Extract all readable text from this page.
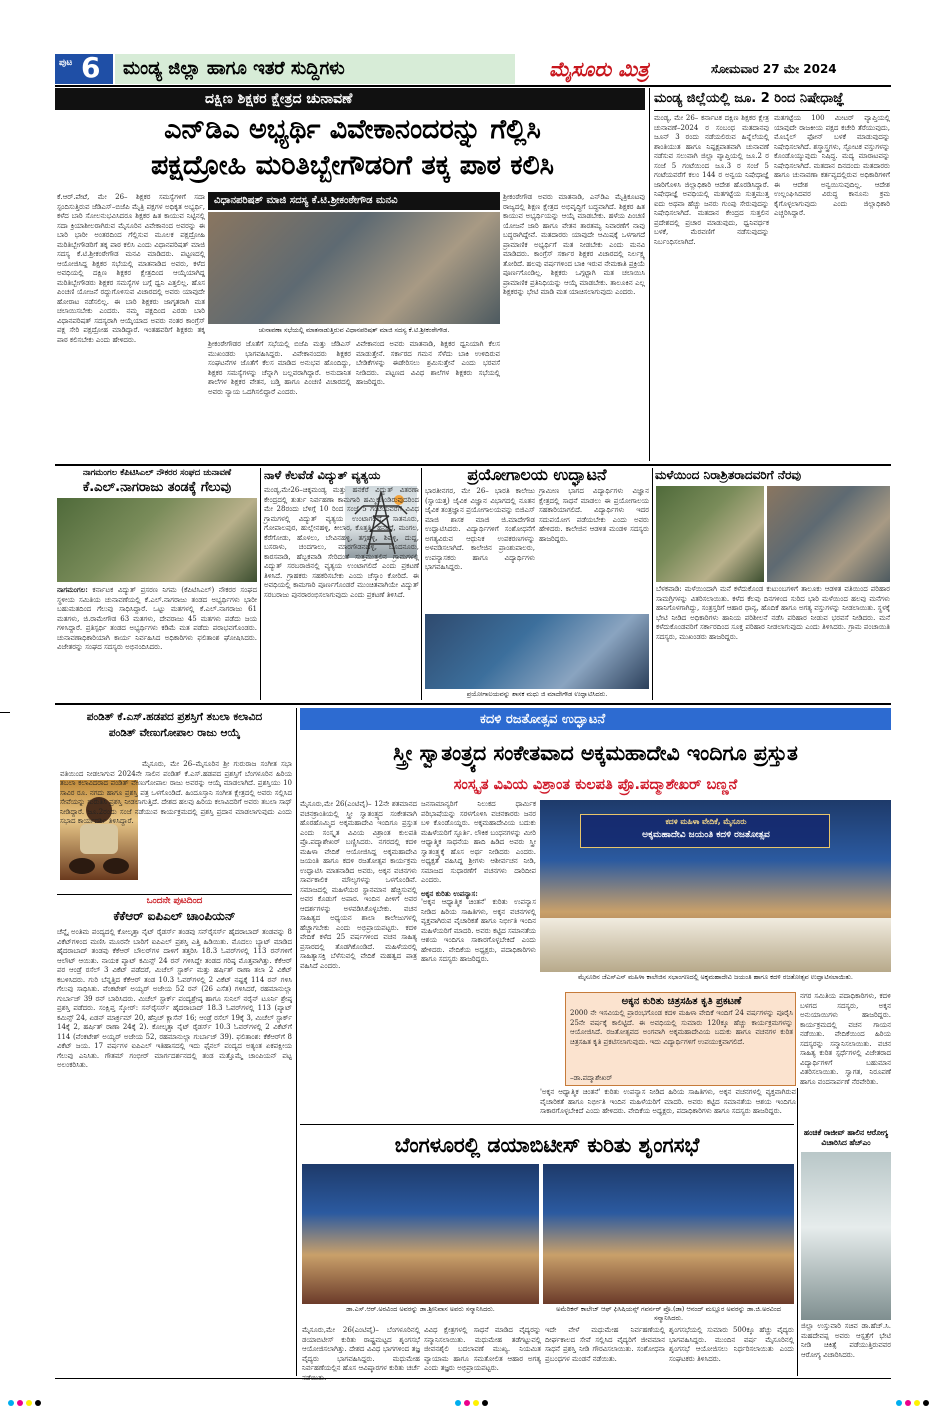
ಪುಟ 6 ಮಂಡ್ಯ ಜಿಲ್ಲಾ ಹಾಗೂ ಇತರೆ ಸುದ್ದಿಗಳು	ಮೈಸೂರು ಮಿತ್ರ	ಸೋಮವಾರ 27 ಮೇ 2024
ದಕ್ಷಿಣ ಶಿಕ್ಷಕರ ಕ್ಷೇತ್ರದ ಚುನಾವಣೆ
ಎನ್‌ಡಿಎ ಅಭ್ಯರ್ಥಿ ವಿವೇಕಾನಂದರನ್ನು ಗೆಲ್ಲಿಸಿ
ಪಕ್ಷದ್ರೋಹಿ ಮರಿತಿಬ್ಬೇಗೌಡರಿಗೆ ತಕ್ಕ ಪಾಠ ಕಲಿಸಿ
ಕೆ.ಆರ್.ಪೇಟೆ, ಮೇ 26– ಶಿಕ್ಷಕರ ಸಮಸ್ಯೆಗಳಿಗೆ ಸದಾ ಸ್ಪಂದಿಸುತ್ತಿರುವ ಜೆಡಿಎಸ್–ಬಿಜೆಪಿ ಮೈತ್ರಿ ಪಕ್ಷಗಳ ಅಧಿಕೃತ ಅಭ್ಯರ್ಥಿ, ಕಳೆದ ಬಾರಿ ಸೋಲನುಭವಿಸಿದರೂ ಶಿಕ್ಷಕರ ಹಿತ ಕಾಯುವ ನಿಟ್ಟಿನಲ್ಲಿ ಸದಾ ಕ್ರಿಯಾಶೀಲರಾಗಿರುವ ಮೈಸೂರಿನ ವಿವೇಕಾನಂದ ಅವರನ್ನು ಈ ಬಾರಿ ಭಾರೀ ಅಂತರದಿಂದ ಗೆಲ್ಲಿಸುವ ಮೂಲಕ ಪಕ್ಷದ್ರೋಹಿ ಮರಿತಿಬ್ಬೇಗೌಡರಿಗೆ ತಕ್ಕ ಪಾಠ ಕಲಿಸಿ ಎಂದು ವಿಧಾನಪರಿಷತ್ ಮಾಜಿ ಸದಸ್ಯ ಕೆ.ಟಿ.ಶ್ರೀಕಂಠೇಗೌಡ ಮನವಿ ಮಾಡಿದರು. ಪಟ್ಟಣದಲ್ಲಿ ಆಯೋಜಿಸಿದ್ದ ಶಿಕ್ಷಕರ ಸಭೆಯಲ್ಲಿ ಮಾತನಾಡಿದ ಅವರು, ಕಳೆದ ಅವಧಿಯಲ್ಲಿ ದಕ್ಷಿಣ ಶಿಕ್ಷಕರ ಕ್ಷೇತ್ರದಿಂದ ಆಯ್ಕೆಯಾಗಿದ್ದ ಮರಿತಿಬ್ಬೇಗೌಡರು ಶಿಕ್ಷಕರ ಸಮಸ್ಯೆಗಳ ಬಗ್ಗೆ ಧ್ವನಿ ಎತ್ತಲಿಲ್ಲ. ಹೊಸ ಪಿಂಚಣಿ ಯೋಜನೆ ರದ್ದುಗೊಳಿಸುವ ವಿಚಾರದಲ್ಲಿ ಅವರು ಯಾವುದೇ ಹೋರಾಟ ನಡೆಸಲಿಲ್ಲ. ಈ ಬಾರಿ ಶಿಕ್ಷಕರು ಜಾಗೃತರಾಗಿ ಮತ ಚಲಾಯಿಸಬೇಕು ಎಂದರು. ನಮ್ಮ ಪಕ್ಷದಿಂದ ಎರಡು ಬಾರಿ ವಿಧಾನಪರಿಷತ್ ಸದಸ್ಯರಾಗಿ ಆಯ್ಕೆಯಾದ ಅವರು ನಂತರ ಕಾಂಗ್ರೆಸ್ ಪಕ್ಷ ಸೇರಿ ಪಕ್ಷದ್ರೋಹ ಮಾಡಿದ್ದಾರೆ. ಇಂತಹವರಿಗೆ ಶಿಕ್ಷಕರು ತಕ್ಕ ಪಾಠ ಕಲಿಸಬೇಕು ಎಂದು ಹೇಳಿದರು.
ವಿಧಾನಪರಿಷತ್ ಮಾಜಿ ಸದಸ್ಯ ಕೆ.ಟಿ.ಶ್ರೀಕಂಠೇಗೌಡ ಮನವಿ
ಚುನಾವಣಾ ಸಭೆಯಲ್ಲಿ ಮಾತನಾಡುತ್ತಿರುವ ವಿಧಾನಪರಿಷತ್ ಮಾಜಿ ಸದಸ್ಯ ಕೆ.ಟಿ.ಶ್ರೀಕಂಠೇಗೌಡ.
ಶ್ರೀಕಂಠೇಗೌಡರ ಜೊತೆಗೆ ಸಭೆಯಲ್ಲಿ ಬಿಜೆಪಿ ಮತ್ತು ಜೆಡಿಎಸ್ ಮುಖಂಡರು ಭಾಗವಹಿಸಿದ್ದರು. ವಿವೇಕಾನಂದರು ಶಿಕ್ಷಕರ ಸಂಘಟನೆಗಳ ಜೊತೆಗೆ ಕೆಲಸ ಮಾಡಿದ ಅನುಭವ ಹೊಂದಿದ್ದು, ಶಿಕ್ಷಕರ ಸಮಸ್ಯೆಗಳನ್ನು ಚೆನ್ನಾಗಿ ಬಲ್ಲವರಾಗಿದ್ದಾರೆ. ಅನುದಾನಿತ ಶಾಲೆಗಳ ಶಿಕ್ಷಕರ ವೇತನ, ಬಡ್ತಿ ಹಾಗೂ ಪಿಂಚಣಿ ವಿಚಾರದಲ್ಲಿ ಅವರು ನ್ಯಾಯ ಒದಗಿಸಲಿದ್ದಾರೆ ಎಂದರು.
ವಿವೇಕಾನಂದ ಅವರು ಮಾತನಾಡಿ, ಶಿಕ್ಷಕರ ಧ್ವನಿಯಾಗಿ ಕೆಲಸ ಮಾಡುತ್ತೇನೆ. ಸರ್ಕಾರದ ಗಮನ ಸೆಳೆದು ಬಾಕಿ ಉಳಿದಿರುವ ಬೇಡಿಕೆಗಳನ್ನು ಈಡೇರಿಸಲು ಶ್ರಮಿಸುತ್ತೇನೆ ಎಂದು ಭರವಸೆ ನೀಡಿದರು. ಪಟ್ಟಣದ ವಿವಿಧ ಶಾಲೆಗಳ ಶಿಕ್ಷಕರು ಸಭೆಯಲ್ಲಿ ಹಾಜರಿದ್ದರು.
ಶ್ರೀಕಂಠೇಗೌಡ ಅವರು ಮಾತನಾಡಿ, ಎನ್‌ಡಿಎ ಮೈತ್ರಿಕೂಟವು ರಾಜ್ಯದಲ್ಲಿ ಶಿಕ್ಷಣ ಕ್ಷೇತ್ರದ ಅಭಿವೃದ್ಧಿಗೆ ಬದ್ಧವಾಗಿದೆ. ಶಿಕ್ಷಕರ ಹಿತ ಕಾಯುವ ಅಭ್ಯರ್ಥಿಯನ್ನು ಆಯ್ಕೆ ಮಾಡಬೇಕು. ಹಳೆಯ ಪಿಂಚಣಿ ಯೋಜನೆ ಜಾರಿ ಹಾಗೂ ವೇತನ ತಾರತಮ್ಯ ನಿವಾರಣೆಗೆ ನಾವು ಬದ್ಧರಾಗಿದ್ದೇವೆ. ಮತದಾರರು ಯಾವುದೇ ಆಮಿಷಕ್ಕೆ ಒಳಗಾಗದೆ ಪ್ರಾಮಾಣಿಕ ಅಭ್ಯರ್ಥಿಗೆ ಮತ ನೀಡಬೇಕು ಎಂದು ಮನವಿ ಮಾಡಿದರು. ಕಾಂಗ್ರೆಸ್ ಸರ್ಕಾರ ಶಿಕ್ಷಕರ ವಿಚಾರದಲ್ಲಿ ನಿರ್ಲಕ್ಷ್ಯ ತೋರಿದೆ. ಹಲವು ವರ್ಷಗಳಿಂದ ಬಾಕಿ ಇರುವ ನೇಮಕಾತಿ ಪ್ರಕ್ರಿಯೆ ಪೂರ್ಣಗೊಂಡಿಲ್ಲ. ಶಿಕ್ಷಕರು ಒಗ್ಗಟ್ಟಾಗಿ ಮತ ಚಲಾಯಿಸಿ ಪ್ರಾಮಾಣಿಕ ಪ್ರತಿನಿಧಿಯನ್ನು ಆಯ್ಕೆ ಮಾಡಬೇಕು. ತಾಲೂಕಿನ ಎಲ್ಲ ಶಿಕ್ಷಕರನ್ನು ಭೇಟಿ ಮಾಡಿ ಮತ ಯಾಚಿಸಲಾಗುವುದು ಎಂದರು.
ಮಂಡ್ಯ ಜಿಲ್ಲೆಯಲ್ಲಿ ಜೂ. 2 ರಿಂದ ನಿಷೇಧಾಜ್ಞೆ
ಮಂಡ್ಯ, ಮೇ 26– ಕರ್ನಾಟಕ ದಕ್ಷಿಣ ಶಿಕ್ಷಕರ ಕ್ಷೇತ್ರ ಚುನಾವಣೆ–2024 ರ ಸಂಬಂಧ ಮತದಾನವು ಜೂನ್ 3 ರಂದು ನಡೆಯಲಿರುವ ಹಿನ್ನೆಲೆಯಲ್ಲಿ ಶಾಂತಿಯುತ ಹಾಗೂ ನಿಷ್ಪಕ್ಷಪಾತವಾಗಿ ಚುನಾವಣೆ ನಡೆಸುವ ಸಲುವಾಗಿ ಜಿಲ್ಲಾ ವ್ಯಾಪ್ತಿಯಲ್ಲಿ ಜೂ.2 ರ ಸಂಜೆ 5 ಗಂಟೆಯಿಂದ ಜೂ.3 ರ ಸಂಜೆ 5 ಗಂಟೆಯವರೆಗೆ ಕಲಂ 144 ರ ಅನ್ವಯ ನಿಷೇಧಾಜ್ಞೆ ಜಾರಿಗೊಳಿಸಿ ಜಿಲ್ಲಾಧಿಕಾರಿ ಆದೇಶ ಹೊರಡಿಸಿದ್ದಾರೆ. ನಿಷೇಧಾಜ್ಞೆ ಅವಧಿಯಲ್ಲಿ ಮತಗಟ್ಟೆಯ ಸುತ್ತಮುತ್ತ ಐದು ಅಥವಾ ಹೆಚ್ಚು ಜನರು ಗುಂಪು ಸೇರುವುದನ್ನು ನಿಷೇಧಿಸಲಾಗಿದೆ. ಮತದಾನ ಕೇಂದ್ರದ ಸುತ್ತಲಿನ ಪ್ರದೇಶದಲ್ಲಿ ಪ್ರಚಾರ ಮಾಡುವುದು, ಧ್ವನಿವರ್ಧಕ ಬಳಕೆ, ಮೆರವಣಿಗೆ ನಡೆಸುವುದನ್ನು ನಿರ್ಬಂಧಿಸಲಾಗಿದೆ.
ಮತಗಟ್ಟೆಯ 100 ಮೀಟರ್ ವ್ಯಾಪ್ತಿಯಲ್ಲಿ ಯಾವುದೇ ರಾಜಕೀಯ ಪಕ್ಷದ ಕಚೇರಿ ತೆರೆಯುವುದು, ಮೊಬೈಲ್ ಫೋನ್ ಬಳಕೆ ಮಾಡುವುದನ್ನು ನಿಷೇಧಿಸಲಾಗಿದೆ. ಶಸ್ತ್ರಾಸ್ತ್ರಗಳು, ಸ್ಫೋಟಕ ವಸ್ತುಗಳನ್ನು ಕೊಂಡೊಯ್ಯುವುದು ನಿಷಿದ್ಧ. ಮದ್ಯ ಮಾರಾಟವನ್ನು ನಿಷೇಧಿಸಲಾಗಿದೆ. ಮತದಾನ ದಿನದಂದು ಮತದಾರರು ಹಾಗೂ ಚುನಾವಣಾ ಕರ್ತವ್ಯದಲ್ಲಿರುವ ಅಧಿಕಾರಿಗಳಿಗೆ ಈ ಆದೇಶ ಅನ್ವಯಿಸುವುದಿಲ್ಲ. ಆದೇಶ ಉಲ್ಲಂಘಿಸಿದವರ ವಿರುದ್ಧ ಕಾನೂನು ಕ್ರಮ ಕೈಗೊಳ್ಳಲಾಗುವುದು ಎಂದು ಜಿಲ್ಲಾಧಿಕಾರಿ ಎಚ್ಚರಿಸಿದ್ದಾರೆ.
ನಾಗಮಂಗಲ ಕೆಪಿಟಿಸಿಎಲ್ ನೌಕರರ ಸಂಘದ ಚುನಾವಣೆ
ಕೆ.ಎಲ್.ನಾಗರಾಜು ತಂಡಕ್ಕೆ ಗೆಲುವು
ನಾಗಮಂಗಲ: ಕರ್ನಾಟಕ ವಿದ್ಯುತ್ ಪ್ರಸರಣ ನಿಗಮ (ಕೆಪಿಟಿಸಿಎಲ್) ನೌಕರರ ಸಂಘದ ಸ್ಥಳೀಯ ಸಮಿತಿಯ ಚುನಾವಣೆಯಲ್ಲಿ ಕೆ.ಎಲ್.ನಾಗರಾಜು ತಂಡದ ಅಭ್ಯರ್ಥಿಗಳು ಭಾರೀ ಬಹುಮತದಿಂದ ಗೆಲುವು ಸಾಧಿಸಿದ್ದಾರೆ. ಒಟ್ಟು ಮತಗಳಲ್ಲಿ ಕೆ.ಎಲ್.ನಾಗರಾಜು 61 ಮತಗಳು, ಜಿ.ರಾಮೇಗೌಡ 63 ಮತಗಳು, ದೇವರಾಜು 45 ಮತಗಳು ಪಡೆದು ಜಯ ಗಳಿಸಿದ್ದಾರೆ. ಪ್ರತಿಸ್ಪರ್ಧಿ ತಂಡದ ಅಭ್ಯರ್ಥಿಗಳು ಕಡಿಮೆ ಮತ ಪಡೆದು ಪರಾಭವಗೊಂಡರು. ಚುನಾವಣಾಧಿಕಾರಿಯಾಗಿ ಕಾರ್ಯ ನಿರ್ವಹಿಸಿದ ಅಧಿಕಾರಿಗಳು ಫಲಿತಾಂಶ ಘೋಷಿಸಿದರು. ವಿಜೇತರನ್ನು ಸಂಘದ ಸದಸ್ಯರು ಅಭಿನಂದಿಸಿದರು.
ನಾಳೆ ಕೆಲವೆಡೆ ವಿದ್ಯುತ್ ವ್ಯತ್ಯಯ
ಮಂಡ್ಯ,ಮೇ26–ಚಿಕ್ಕಮಂಡ್ಯ ಮತ್ತು ಹನಕೆರೆ ವಿದ್ಯುತ್ ವಿತರಣಾ ಕೇಂದ್ರದಲ್ಲಿ ತುರ್ತು ನಿರ್ವಹಣಾ ಕಾಮಗಾರಿ ಹಮ್ಮಿಕೊಂಡಿರುವುದರಿಂದ ಮೇ 28ರಂದು ಬೆಳಿಗ್ಗೆ 10 ರಿಂದ ಸಂಜೆ 5 ಗಂಟೆಯವರೆಗೆ ವಿವಿಧ ಗ್ರಾಮಗಳಲ್ಲಿ ವಿದ್ಯುತ್ ವ್ಯತ್ಯಯ ಉಂಟಾಗಲಿದೆ. ಸಾತನೂರು, ಗೋಪಾಲಪುರ, ಹುಲ್ಲೇನಹಳ್ಳಿ, ಕೀಲಾರ, ಕೊತ್ತತ್ತಿ, ಹನಕೆರೆ, ಮಂಗಲ, ಕೆರೆಗೋಡು, ಹೊಳಲು, ಬೇವಿನಹಳ್ಳಿ, ತಗ್ಗಹಳ್ಳಿ, ಶಿವಳ್ಳಿ, ದುದ್ದ, ಬಸರಾಳು, ಚಂದಗಾಲು, ಮಾರಗೌಡನಹಳ್ಳಿ, ಬೂದನೂರು, ಕಾರಸವಾಡಿ, ಹೆಬ್ಬಕವಾಡಿ ಸೇರಿದಂತೆ ಸುತ್ತಮುತ್ತಲಿನ ಗ್ರಾಮಗಳಲ್ಲಿ ವಿದ್ಯುತ್ ಸರಬರಾಜಿನಲ್ಲಿ ವ್ಯತ್ಯಯ ಉಂಟಾಗಲಿದೆ ಎಂದು ಪ್ರಕಟಣೆ ತಿಳಿಸಿದೆ. ಗ್ರಾಹಕರು ಸಹಕರಿಸಬೇಕು ಎಂದು ಚೆಸ್ಕಾಂ ಕೋರಿದೆ. ಈ ಅವಧಿಯಲ್ಲಿ ಕಾಮಗಾರಿ ಪೂರ್ಣಗೊಂಡರೆ ಮುಂಚಿತವಾಗಿಯೇ ವಿದ್ಯುತ್ ಸರಬರಾಜು ಪುನರಾರಂಭಿಸಲಾಗುವುದು ಎಂದು ಪ್ರಕಟಣೆ ತಿಳಿಸಿದೆ.
ಪ್ರಯೋಗಾಲಯ ಉದ್ಘಾಟನೆ
ಭಾರತೀನಗರ, ಮೇ 26– ಭಾರತಿ ಕಾಲೇಜು (ಸ್ವಾಯತ್ತ) ಜೈವಿಕ ವಿಜ್ಞಾನ ವಿಭಾಗದಲ್ಲಿ ನೂತನ ಜೈವಿಕ ತಂತ್ರಜ್ಞಾನ ಪ್ರಯೋಗಾಲಯವನ್ನು ಬಿಜಿಎಸ್ ಮಾಜಿ ಶಾಸಕ ಮಾಜಿ ಜಿ.ಮಾದೇಗೌಡ ಉದ್ಘಾಟಿಸಿದರು. ವಿದ್ಯಾರ್ಥಿಗಳಿಗೆ ಸಂಶೋಧನೆಗೆ ಅಗತ್ಯವಿರುವ ಆಧುನಿಕ ಉಪಕರಣಗಳನ್ನು ಅಳವಡಿಸಲಾಗಿದೆ. ಕಾಲೇಜಿನ ಪ್ರಾಂಶುಪಾಲರು, ಉಪನ್ಯಾಸಕರು ಹಾಗೂ ವಿದ್ಯಾರ್ಥಿಗಳು ಭಾಗವಹಿಸಿದ್ದರು.
ಗ್ರಾಮೀಣ ಭಾಗದ ವಿದ್ಯಾರ್ಥಿಗಳು ವಿಜ್ಞಾನ ಕ್ಷೇತ್ರದಲ್ಲಿ ಸಾಧನೆ ಮಾಡಲು ಈ ಪ್ರಯೋಗಾಲಯ ಸಹಕಾರಿಯಾಗಲಿದೆ. ವಿದ್ಯಾರ್ಥಿಗಳು ಇದರ ಸದುಪಯೋಗ ಪಡೆಯಬೇಕು ಎಂದು ಅವರು ಹೇಳಿದರು. ಕಾಲೇಜಿನ ಆಡಳಿತ ಮಂಡಳಿ ಸದಸ್ಯರು ಹಾಜರಿದ್ದರು.
ಪ್ರಯೋಗಾಲಯವನ್ನು ಶಾಸಕ ಮಧು ಜಿ ಮಾದೇಗೌಡ ಉದ್ಘಾಟಿಸಿದರು.
ಮಳೆಯಿಂದ ನಿರಾಶ್ರಿತರಾದವರಿಗೆ ನೆರವು
ಬೆಳಕವಾಡಿ: ಮಳೆಯಿಂದಾಗಿ ಮನೆ ಕಳೆದುಕೊಂಡ ಕುಟುಂಬಗಳಿಗೆ ತಾಲೂಕು ಆಡಳಿತ ವತಿಯಿಂದ ಪರಿಹಾರ ಸಾಮಗ್ರಿಗಳನ್ನು ವಿತರಿಸಲಾಯಿತು. ಕಳೆದ ಕೆಲವು ದಿನಗಳಿಂದ ಸುರಿದ ಭಾರಿ ಮಳೆಯಿಂದ ಹಲವು ಮನೆಗಳು ಹಾನಿಗೊಳಗಾಗಿದ್ದು, ಸಂತ್ರಸ್ತರಿಗೆ ಆಹಾರ ಧಾನ್ಯ, ಹೊದಿಕೆ ಹಾಗೂ ಅಗತ್ಯ ವಸ್ತುಗಳನ್ನು ನೀಡಲಾಯಿತು. ಸ್ಥಳಕ್ಕೆ ಭೇಟಿ ನೀಡಿದ ಅಧಿಕಾರಿಗಳು ಹಾನಿಯ ಪರಿಶೀಲನೆ ನಡೆಸಿ ಪರಿಹಾರ ನೀಡುವ ಭರವಸೆ ನೀಡಿದರು. ಮನೆ ಕಳೆದುಕೊಂಡವರಿಗೆ ಸರ್ಕಾರದಿಂದ ಸೂಕ್ತ ಪರಿಹಾರ ನೀಡಲಾಗುವುದು ಎಂದು ತಿಳಿಸಿದರು. ಗ್ರಾಮ ಪಂಚಾಯಿತಿ ಸದಸ್ಯರು, ಮುಖಂಡರು ಹಾಜರಿದ್ದರು.
ಪಂಡಿತ್ ಕೆ.ಎಸ್.ಹಡಪದ ಪ್ರಶಸ್ತಿಗೆ ತಬಲಾ ಕಲಾವಿದ
ಪಂಡಿತ್ ವೇಣುಗೋಪಾಲ ರಾಜು ಆಯ್ಕೆ
ಮೈಸೂರು, ಮೇ 26–ಮೈಸೂರಿನ ಶ್ರೀ ಗುರುರಾಜ ಸಂಗೀತ ಸಭಾ ವತಿಯಿಂದ ನೀಡಲಾಗುವ 2024ನೇ ಸಾಲಿನ ಪಂಡಿತ್ ಕೆ.ಎಸ್.ಹಡಪದ ಪ್ರಶಸ್ತಿಗೆ ಬೆಂಗಳೂರಿನ ಹಿರಿಯ ತಬಲಾ ಕಲಾವಿದರಾದ ಪಂಡಿತ್ ವೇಣುಗೋಪಾಲ ರಾಜು ಅವರನ್ನು ಆಯ್ಕೆ ಮಾಡಲಾಗಿದೆ. ಪ್ರಶಸ್ತಿಯು 10 ಸಾವಿರ ರೂ. ನಗದು ಹಾಗೂ ಪ್ರಶಸ್ತಿ ಪತ್ರ ಒಳಗೊಂಡಿದೆ. ಹಿಂದೂಸ್ತಾನಿ ಸಂಗೀತ ಕ್ಷೇತ್ರದಲ್ಲಿ ಅವರು ಸಲ್ಲಿಸಿದ ಸೇವೆಯನ್ನು ಗುರುತಿಸಿ ಪ್ರಶಸ್ತಿ ನೀಡಲಾಗುತ್ತಿದೆ. ದೇಶದ ಹಲವು ಹಿರಿಯ ಕಲಾವಿದರಿಗೆ ಅವರು ತಬಲಾ ಸಾಥ್ ನೀಡಿದ್ದಾರೆ. ಜೂ.2ರಂದು ಸಂಜೆ ನಡೆಯುವ ಕಾರ್ಯಕ್ರಮದಲ್ಲಿ ಪ್ರಶಸ್ತಿ ಪ್ರದಾನ ಮಾಡಲಾಗುವುದು ಎಂದು ಸಭಾದ ಕಾರ್ಯದರ್ಶಿ ತಿಳಿಸಿದ್ದಾರೆ.
ಒಂದನೇ ಪುಟದಿಂದ
ಕೆಕೆಆರ್ ಐಪಿಎಲ್ ಚಾಂಪಿಯನ್
ಚೆನ್ನೈ ಅಂತಿಮ ಪಂದ್ಯದಲ್ಲಿ ಕೋಲ್ಕತ್ತಾ ನೈಟ್ ರೈಡರ್ಸ್ ತಂಡವು ಸನ್‌ರೈಸರ್ಸ್ ಹೈದರಾಬಾದ್ ತಂಡವನ್ನು 8 ವಿಕೆಟ್‌ಗಳಿಂದ ಮಣಿಸಿ ಮೂರನೇ ಬಾರಿಗೆ ಐಪಿಎಲ್ ಪ್ರಶಸ್ತಿ ಎತ್ತಿ ಹಿಡಿಯಿತು. ಮೊದಲು ಬ್ಯಾಟ್ ಮಾಡಿದ ಹೈದರಾಬಾದ್ ತಂಡವು ಕೆಕೆಆರ್ ಬೌಲರ್‌ಗಳ ದಾಳಿಗೆ ತತ್ತರಿಸಿ 18.3 ಓವರ್‌ಗಳಲ್ಲಿ 113 ರನ್‌ಗಳಿಗೆ ಆಲೌಟ್ ಆಯಿತು. ನಾಯಕ ಪ್ಯಾಟ್ ಕಮಿನ್ಸ್ 24 ರನ್ ಗಳಿಸಿದ್ದೇ ತಂಡದ ಗರಿಷ್ಠ ಮೊತ್ತವಾಗಿತ್ತು. ಕೆಕೆಆರ್ ಪರ ಆಂಡ್ರೆ ರಸೆಲ್ 3 ವಿಕೆಟ್ ಪಡೆದರೆ, ಮಿಚೆಲ್ ಸ್ಟಾರ್ಕ್ ಮತ್ತು ಹರ್ಷಿತ್ ರಾಣಾ ತಲಾ 2 ವಿಕೆಟ್ ಕಬಳಿಸಿದರು. ಗುರಿ ಬೆನ್ನತ್ತಿದ ಕೆಕೆಆರ್ ತಂಡ 10.3 ಓವರ್‌ಗಳಲ್ಲಿ 2 ವಿಕೆಟ್ ನಷ್ಟಕ್ಕೆ 114 ರನ್ ಗಳಿಸಿ ಗೆಲುವು ಸಾಧಿಸಿತು. ವೆಂಕಟೇಶ್ ಅಯ್ಯರ್ ಅಜೇಯ 52 ರನ್ (26 ಎಸೆತ) ಗಳಿಸಿದರೆ, ರಹಮಾನುಲ್ಲಾ ಗುರ್ಬಾಜ್ 39 ರನ್ ಬಾರಿಸಿದರು. ಮಿಚೆಲ್ ಸ್ಟಾರ್ಕ್ ಪಂದ್ಯಶ್ರೇಷ್ಠ ಹಾಗೂ ಸುನಿಲ್ ನರೈನ್ ಟೂರ್ನಿ ಶ್ರೇಷ್ಠ ಪ್ರಶಸ್ತಿ ಪಡೆದರು. ಸಂಕ್ಷಿಪ್ತ ಸ್ಕೋರ್: ಸನ್‌ರೈಸರ್ಸ್ ಹೈದರಾಬಾದ್ 18.3 ಓವರ್‌ಗಳಲ್ಲಿ 113 (ಪ್ಯಾಟ್ ಕಮಿನ್ಸ್ 24, ಏಡನ್ ಮಾರ್ಕ್ರಮ್ 20, ಹೆನ್ರಿಚ್ ಕ್ಲಾಸೆನ್ 16; ಆಂಡ್ರೆ ರಸೆಲ್ 19ಕ್ಕೆ 3, ಮಿಚೆಲ್ ಸ್ಟಾರ್ಕ್ 14ಕ್ಕೆ 2, ಹರ್ಷಿತ್ ರಾಣಾ 24ಕ್ಕೆ 2). ಕೋಲ್ಕತ್ತಾ ನೈಟ್ ರೈಡರ್ಸ್ 10.3 ಓವರ್‌ಗಳಲ್ಲಿ 2 ವಿಕೆಟ್‌ಗೆ 114 (ವೆಂಕಟೇಶ್ ಅಯ್ಯರ್ ಅಜೇಯ 52, ರಹಮಾನುಲ್ಲಾ ಗುರ್ಬಾಜ್ 39). ಫಲಿತಾಂಶ: ಕೆಕೆಆರ್‌ಗೆ 8 ವಿಕೆಟ್ ಜಯ. 17 ವರ್ಷಗಳ ಐಪಿಎಲ್ ಇತಿಹಾಸದಲ್ಲಿ ಇದು ಫೈನಲ್ ಪಂದ್ಯದ ಅತ್ಯಂತ ಏಕಪಕ್ಷೀಯ ಗೆಲುವು ಎನಿಸಿತು. ಗೌತಮ್ ಗಂಭೀರ್ ಮಾರ್ಗದರ್ಶನದಲ್ಲಿ ತಂಡ ಮತ್ತೊಮ್ಮೆ ಚಾಂಪಿಯನ್ ಪಟ್ಟ ಅಲಂಕರಿಸಿತು.
ಕದಳಿ ರಜತೋತ್ಸವ ಉದ್ಘಾಟನೆ
ಸ್ತ್ರೀ ಸ್ವಾತಂತ್ರ್ಯದ ಸಂಕೇತವಾದ ಅಕ್ಕಮಹಾದೇವಿ ಇಂದಿಗೂ ಪ್ರಸ್ತುತ
ಸಂಸ್ಕೃತ ವಿವಿಯ ವಿಶ್ರಾಂತ ಕುಲಪತಿ ಪ್ರೊ.ಪದ್ಮಾಶೇಖರ್ ಬಣ್ಣನೆ
ಮೈಸೂರು,ಮೇ 26(ಎಂಟಿವೈ)– 12ನೇ ಶತಮಾನದ ವಚನಕ್ರಾಂತಿಯಲ್ಲಿ ಸ್ತ್ರೀ ಸ್ವಾತಂತ್ರ್ಯದ ಸಂಕೇತವಾಗಿ ಹೊರಹೊಮ್ಮಿದ ಅಕ್ಕಮಹಾದೇವಿ ಇಂದಿಗೂ ಪ್ರಸ್ತುತ ಎಂದು ಸಂಸ್ಕೃತ ವಿವಿಯ ವಿಶ್ರಾಂತ ಕುಲಪತಿ ಪ್ರೊ.ಪದ್ಮಾಶೇಖರ್ ಬಣ್ಣಿಸಿದರು. ನಗರದಲ್ಲಿ ಕದಳಿ ಮಹಿಳಾ ವೇದಿಕೆ ಆಯೋಜಿಸಿದ್ದ ಅಕ್ಕಮಹಾದೇವಿ ಜಯಂತಿ ಹಾಗೂ ಕದಳಿ ರಜತೋತ್ಸವ ಕಾರ್ಯಕ್ರಮ ಉದ್ಘಾಟಿಸಿ ಮಾತನಾಡಿದ ಅವರು, ಅಕ್ಕನ ವಚನಗಳು ಸಾರ್ವಕಾಲಿಕ ಮೌಲ್ಯಗಳನ್ನು ಒಳಗೊಂಡಿವೆ. ಸಮಾಜದಲ್ಲಿ ಮಹಿಳೆಯರ ಸ್ಥಾನಮಾನ ಹೆಚ್ಚಿಸುವಲ್ಲಿ ಅವರ ಕೊಡುಗೆ ಅಪಾರ. ಇಂದಿನ ಪೀಳಿಗೆ ಅವರ ಆದರ್ಶಗಳನ್ನು ಅಳವಡಿಸಿಕೊಳ್ಳಬೇಕು. ವಚನ ಸಾಹಿತ್ಯದ ಅಧ್ಯಯನ ಶಾಲಾ ಕಾಲೇಜುಗಳಲ್ಲಿ ಹೆಚ್ಚಾಗಬೇಕು ಎಂದು ಅಭಿಪ್ರಾಯಪಟ್ಟರು. ಕದಳಿ ವೇದಿಕೆ ಕಳೆದ 25 ವರ್ಷಗಳಿಂದ ವಚನ ಸಾಹಿತ್ಯ ಪ್ರಸಾರದಲ್ಲಿ ತೊಡಗಿಕೊಂಡಿದೆ. ಮಹಿಳೆಯರಲ್ಲಿ ಸಾಹಿತ್ಯಾಸಕ್ತಿ ಬೆಳೆಸುವಲ್ಲಿ ವೇದಿಕೆ ಮಹತ್ವದ ಪಾತ್ರ ವಹಿಸಿದೆ ಎಂದರು.
ಜನಸಾಮಾನ್ಯರಿಗೆ ನಿಲುಕದ ಧಾರ್ಮಿಕ ಪರಿಭಾಷೆಯನ್ನು ಸರಳಗೊಳಿಸಿ ವಚನಕಾರರು ಜನರ ಬಳಿ ಕೊಂಡೊಯ್ದರು. ಅಕ್ಕಮಹಾದೇವಿಯ ಬದುಕು ಮಹಿಳೆಯರಿಗೆ ಸ್ಫೂರ್ತಿ. ಲೌಕಿಕ ಬಂಧನಗಳನ್ನು ಮೀರಿ ಆಧ್ಯಾತ್ಮಿಕ ಸಾಧನೆಯ ಹಾದಿ ಹಿಡಿದ ಅವರು ಸ್ತ್ರೀ ಸ್ವಾತಂತ್ರ್ಯಕ್ಕೆ ಹೊಸ ಅರ್ಥ ನೀಡಿದರು ಎಂದರು. ಅಧ್ಯಕ್ಷತೆ ವಹಿಸಿದ್ದ ಶ್ರೀಗಳು ಆಶೀರ್ವಚನ ನೀಡಿ, ಸಮಾಜದ ಸುಧಾರಣೆಗೆ ವಚನಗಳು ದಾರಿದೀಪ ಎಂದರು.
ಅಕ್ಕನ ಕುರಿತು ಉಪನ್ಯಾಸ:
'ಅಕ್ಕನ ಆಧ್ಯಾತ್ಮಿಕ ಚಿಂತನೆ' ಕುರಿತು ಉಪನ್ಯಾಸ ನೀಡಿದ ಹಿರಿಯ ಸಾಹಿತಿಗಳು, ಅಕ್ಕನ ವಚನಗಳಲ್ಲಿ ವ್ಯಕ್ತವಾಗಿರುವ ವೈಚಾರಿಕತೆ ಹಾಗೂ ನಿರ್ಭೀತಿ ಇಂದಿನ ಮಹಿಳೆಯರಿಗೆ ಮಾದರಿ. ಅವರು ಕಟ್ಟಿದ ಸಮಾನತೆಯ ಆಶಯ ಇಂದಿಗೂ ಸಾಕಾರಗೊಳ್ಳಬೇಕಿದೆ ಎಂದು ಹೇಳಿದರು. ವೇದಿಕೆಯ ಅಧ್ಯಕ್ಷರು, ಪದಾಧಿಕಾರಿಗಳು ಹಾಗೂ ಸದಸ್ಯರು ಹಾಜರಿದ್ದರು.
ಕದಳಿ ಮಹಿಳಾ ವೇದಿಕೆ, ಮೈಸೂರು
ಅಕ್ಕಮಹಾದೇವಿ ಜಯಂತಿ ಕದಳಿ ರಜತೋತ್ಸವ
ಮೈಸೂರಿನ ಜೆಎಸ್‌ಎಸ್ ಮಹಿಳಾ ಕಾಲೇಜಿನ ಸಭಾಂಗಣದಲ್ಲಿ ಅಕ್ಕಮಹಾದೇವಿ ಜಯಂತಿ ಹಾಗೂ ಕದಳಿ ರಜತೋತ್ಸವ ಉದ್ಘಾಟಿಸಲಾಯಿತು.
ಅಕ್ಕನ ಕುರಿತು ಚಿತ್ರಸಹಿತ ಕೃತಿ ಪ್ರಕಟಣೆ
2000 ನೇ ಇಸವಿಯಲ್ಲಿ ಪ್ರಾರಂಭಗೊಂಡ ಕದಳಿ ಮಹಿಳಾ ವೇದಿಕೆ ಇಂದಿಗೆ 24 ವರ್ಷಗಳನ್ನು ಪೂರೈಸಿ 25ನೇ ವರ್ಷಕ್ಕೆ ಕಾಲಿಟ್ಟಿದೆ. ಈ ಅವಧಿಯಲ್ಲಿ ಸುಮಾರು 120ಕ್ಕೂ ಹೆಚ್ಚು ಕಾರ್ಯಕ್ರಮಗಳನ್ನು ಆಯೋಜಿಸಿದೆ. ರಜತೋತ್ಸವದ ಅಂಗವಾಗಿ ಅಕ್ಕಮಹಾದೇವಿಯ ಬದುಕು ಹಾಗೂ ವಚನಗಳ ಕುರಿತ ಚಿತ್ರಸಹಿತ ಕೃತಿ ಪ್ರಕಟಿಸಲಾಗುವುದು. ಇದು ವಿದ್ಯಾರ್ಥಿಗಳಿಗೆ ಉಪಯುಕ್ತವಾಗಲಿದೆ.
–ಡಾ.ಪದ್ಮಾಶೇಖರ್
ನಗರ ಸಮಿತಿಯ ಪದಾಧಿಕಾರಿಗಳು, ಕದಳಿ ಬಳಗದ ಸದಸ್ಯರು, ಅಕ್ಕನ ಅನುಯಾಯಿಗಳು ಹಾಜರಿದ್ದರು. ಕಾರ್ಯಕ್ರಮದಲ್ಲಿ ವಚನ ಗಾಯನ ನಡೆಯಿತು. ವೇದಿಕೆಯಿಂದ ಹಿರಿಯ ಸದಸ್ಯರನ್ನು ಸನ್ಮಾನಿಸಲಾಯಿತು. ವಚನ ಸಾಹಿತ್ಯ ಕುರಿತ ಸ್ಪರ್ಧೆಗಳಲ್ಲಿ ವಿಜೇತರಾದ ವಿದ್ಯಾರ್ಥಿಗಳಿಗೆ ಬಹುಮಾನ ವಿತರಿಸಲಾಯಿತು. ಸ್ವಾಗತ, ನಿರೂಪಣೆ ಹಾಗೂ ವಂದನಾರ್ಪಣೆ ನೆರವೇರಿತು.
'ಅಕ್ಕನ ಆಧ್ಯಾತ್ಮಿಕ ಚಿಂತನೆ' ಕುರಿತು ಉಪನ್ಯಾಸ ನೀಡಿದ ಹಿರಿಯ ಸಾಹಿತಿಗಳು, ಅಕ್ಕನ ವಚನಗಳಲ್ಲಿ ವ್ಯಕ್ತವಾಗಿರುವ ವೈಚಾರಿಕತೆ ಹಾಗೂ ನಿರ್ಭೀತಿ ಇಂದಿನ ಮಹಿಳೆಯರಿಗೆ ಮಾದರಿ. ಅವರು ಕಟ್ಟಿದ ಸಮಾನತೆಯ ಆಶಯ ಇಂದಿಗೂ ಸಾಕಾರಗೊಳ್ಳಬೇಕಿದೆ ಎಂದು ಹೇಳಿದರು. ವೇದಿಕೆಯ ಅಧ್ಯಕ್ಷರು, ಪದಾಧಿಕಾರಿಗಳು ಹಾಗೂ ಸದಸ್ಯರು ಹಾಜರಿದ್ದರು.
ಬೆಂಗಳೂರಲ್ಲಿ ಡಯಾಬಿಟೀಸ್ ಕುರಿತು ಶೃಂಗಸಭೆ
ಡಾ.ಎಸ್.ಆರ್.ಅರವಿಂದ ಅವರನ್ನು ಡಾ.ಶ್ರೀನಿವಾಸ ಅವರು ಸನ್ಮಾನಿಸಿದರು.	ಅಮೆರಿಕನ್ ಕಾಲೇಜ್ ಆಫ್ ಫಿಸಿಷಿಯನ್ಸ್ ಗವರ್ನರ್ ಪ್ರೊ.(ಡಾ) ಆನಂದ್ ಮಲ್ಲೂರ ಅವರನ್ನು ಡಾ.ಜಿ.ಅರವಿಂದ ಸನ್ಮಾನಿಸಿದರು.
ಮೈಸೂರು,ಮೇ 26(ಎಂಟಿವೈ)– ಬೆಂಗಳೂರಿನಲ್ಲಿ ಡಯಾಬಿಟೀಸ್ ಕುರಿತು ರಾಷ್ಟ್ರಮಟ್ಟದ ಶೃಂಗಸಭೆ ಆಯೋಜಿಸಲಾಗಿತ್ತು. ದೇಶದ ವಿವಿಧ ಭಾಗಗಳಿಂದ ತಜ್ಞ ವೈದ್ಯರು ಭಾಗವಹಿಸಿದ್ದರು. ಮಧುಮೇಹ ನಿರ್ವಹಣೆಯಲ್ಲಿನ ಹೊಸ ಆವಿಷ್ಕಾರಗಳ ಕುರಿತು ಚರ್ಚೆ
ವಿವಿಧ ಕ್ಷೇತ್ರಗಳಲ್ಲಿ ಸಾಧನೆ ಮಾಡಿದ ವೈದ್ಯರನ್ನು ಸನ್ಮಾನಿಸಲಾಯಿತು. ಮಧುಮೇಹ ತಡೆಗಟ್ಟುವಲ್ಲಿ ಜೀವನಶೈಲಿ ಬದಲಾವಣೆ ಮುಖ್ಯ. ನಿಯಮಿತ ವ್ಯಾಯಾಮ ಹಾಗೂ ಸಮತೋಲಿತ ಆಹಾರ ಅಗತ್ಯ ಎಂದು ತಜ್ಞರು ಅಭಿಪ್ರಾಯಪಟ್ಟರು.
ಇದೇ ವೇಳೆ ಮಧುಮೇಹ ನಿರ್ವಹಣೆಯಲ್ಲಿ ದೀರ್ಘಕಾಲದ ಸೇವೆ ಸಲ್ಲಿಸಿದ ವೈದ್ಯರಿಗೆ ಜೀವಮಾನ ಸಾಧನೆ ಪ್ರಶಸ್ತಿ ನೀಡಿ ಗೌರವಿಸಲಾಯಿತು. ಸಂಶೋಧನಾ ಪ್ರಬಂಧಗಳ ಮಂಡನೆ ನಡೆಯಿತು.
ಶೃಂಗಸಭೆಯಲ್ಲಿ ಸುಮಾರು 500ಕ್ಕೂ ಹೆಚ್ಚು ವೈದ್ಯರು ಭಾಗವಹಿಸಿದ್ದರು. ಮುಂದಿನ ವರ್ಷ ಮೈಸೂರಿನಲ್ಲಿ ಶೃಂಗಸಭೆ ಆಯೋಜಿಸಲು ನಿರ್ಧರಿಸಲಾಯಿತು ಎಂದು ಸಂಘಟಕರು ತಿಳಿಸಿದರು.
ಹಂಚಿಕೆ ರಾಜೀವ್ ಹಾಲಿನ ಆರೋಗ್ಯ ವಿಚಾರಿಸಿದ ಹೆಚ್‌ಎಂ
ಜಿಲ್ಲಾ ಉಸ್ತುವಾರಿ ಸಚಿವ ಡಾ.ಹೆಚ್.ಸಿ. ಮಹದೇವಪ್ಪ ಅವರು ಆಸ್ಪತ್ರೆಗೆ ಭೇಟಿ ನೀಡಿ ಚಿಕಿತ್ಸೆ ಪಡೆಯುತ್ತಿರುವವರ ಆರೋಗ್ಯ ವಿಚಾರಿಸಿದರು.
